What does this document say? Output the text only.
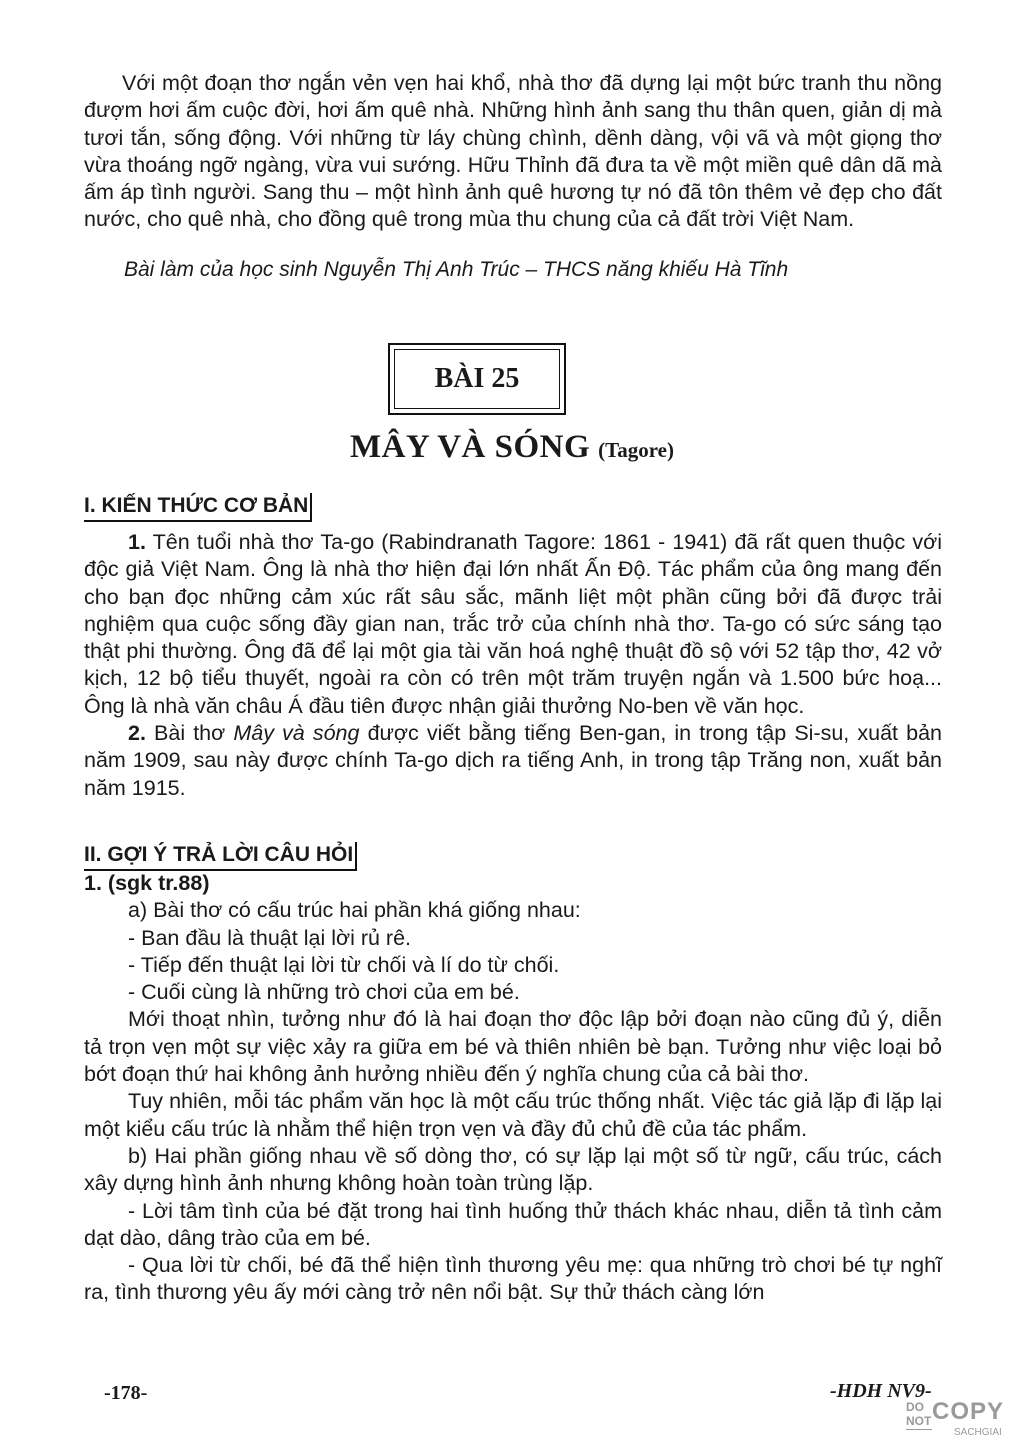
Với một đoạn thơ ngắn vẻn vẹn hai khổ, nhà thơ đã dựng lại một bức tranh thu nồng đượm hơi ấm cuộc đời, hơi ấm quê nhà. Những hình ảnh sang thu thân quen, giản dị mà tươi tắn, sống động. Với những từ láy chùng chình, dềnh dàng, vội vã và một giọng thơ vừa thoáng ngỡ ngàng, vừa vui sướng. Hữu Thỉnh đã đưa ta về một miền quê dân dã mà ấm áp tình người. Sang thu – một hình ảnh quê hương tự nó đã tôn thêm vẻ đẹp cho đất nước, cho quê nhà, cho đồng quê trong mùa thu chung của cả đất trời Việt Nam.

Bài làm của học sinh Nguyễn Thị Anh Trúc – THCS năng khiếu Hà Tĩnh

BÀI 25
MÂY VÀ SÓNG (Tagore)
I. KIẾN THỨC CƠ BẢN
1. Tên tuổi nhà thơ Ta-go (Rabindranath Tagore: 1861 - 1941) đã rất quen thuộc với độc giả Việt Nam. Ông là nhà thơ hiện đại lớn nhất Ấn Độ. Tác phẩm của ông mang đến cho bạn đọc những cảm xúc rất sâu sắc, mãnh liệt một phần cũng bởi đã được trải nghiệm qua cuộc sống đầy gian nan, trắc trở của chính nhà thơ. Ta-go có sức sáng tạo thật phi thường. Ông đã để lại một gia tài văn hoá nghệ thuật đồ sộ với 52 tập thơ, 42 vở kịch, 12 bộ tiểu thuyết, ngoài ra còn có trên một trăm truyện ngắn và 1.500 bức hoạ... Ông là nhà văn châu Á đầu tiên được nhận giải thưởng No-ben về văn học.
2. Bài thơ Mây và sóng được viết bằng tiếng Ben-gan, in trong tập Si-su, xuất bản năm 1909, sau này được chính Ta-go dịch ra tiếng Anh, in trong tập Trăng non, xuất bản năm 1915.
II. GỢI Ý TRẢ LỜI CÂU HỎI
1. (sgk tr.88)
a) Bài thơ có cấu trúc hai phần khá giống nhau:
- Ban đầu là thuật lại lời rủ rê.
- Tiếp đến thuật lại lời từ chối và lí do từ chối.
- Cuối cùng là những trò chơi của em bé.
Mới thoạt nhìn, tưởng như đó là hai đoạn thơ độc lập bởi đoạn nào cũng đủ ý, diễn tả trọn vẹn một sự việc xảy ra giữa em bé và thiên nhiên bè bạn. Tưởng như việc loại bỏ bớt đoạn thứ hai không ảnh hưởng nhiều đến ý nghĩa chung của cả bài thơ.
Tuy nhiên, mỗi tác phẩm văn học là một cấu trúc thống nhất. Việc tác giả lặp đi lặp lại một kiểu cấu trúc là nhằm thể hiện trọn vẹn và đầy đủ chủ đề của tác phẩm.
b) Hai phần giống nhau về số dòng thơ, có sự lặp lại một số từ ngữ, cấu trúc, cách xây dựng hình ảnh nhưng không hoàn toàn trùng lặp.
- Lời tâm tình của bé đặt trong hai tình huống thử thách khác nhau, diễn tả tình cảm dạt dào, dâng trào của em bé.
- Qua lời từ chối, bé đã thể hiện tình thương yêu mẹ: qua những trò chơi bé tự nghĩ ra, tình thương yêu ấy mới càng trở nên nổi bật. Sự thử thách càng lớn
-178-	-HDH NV9-
DO
NOT COPY
SACHGIAI
